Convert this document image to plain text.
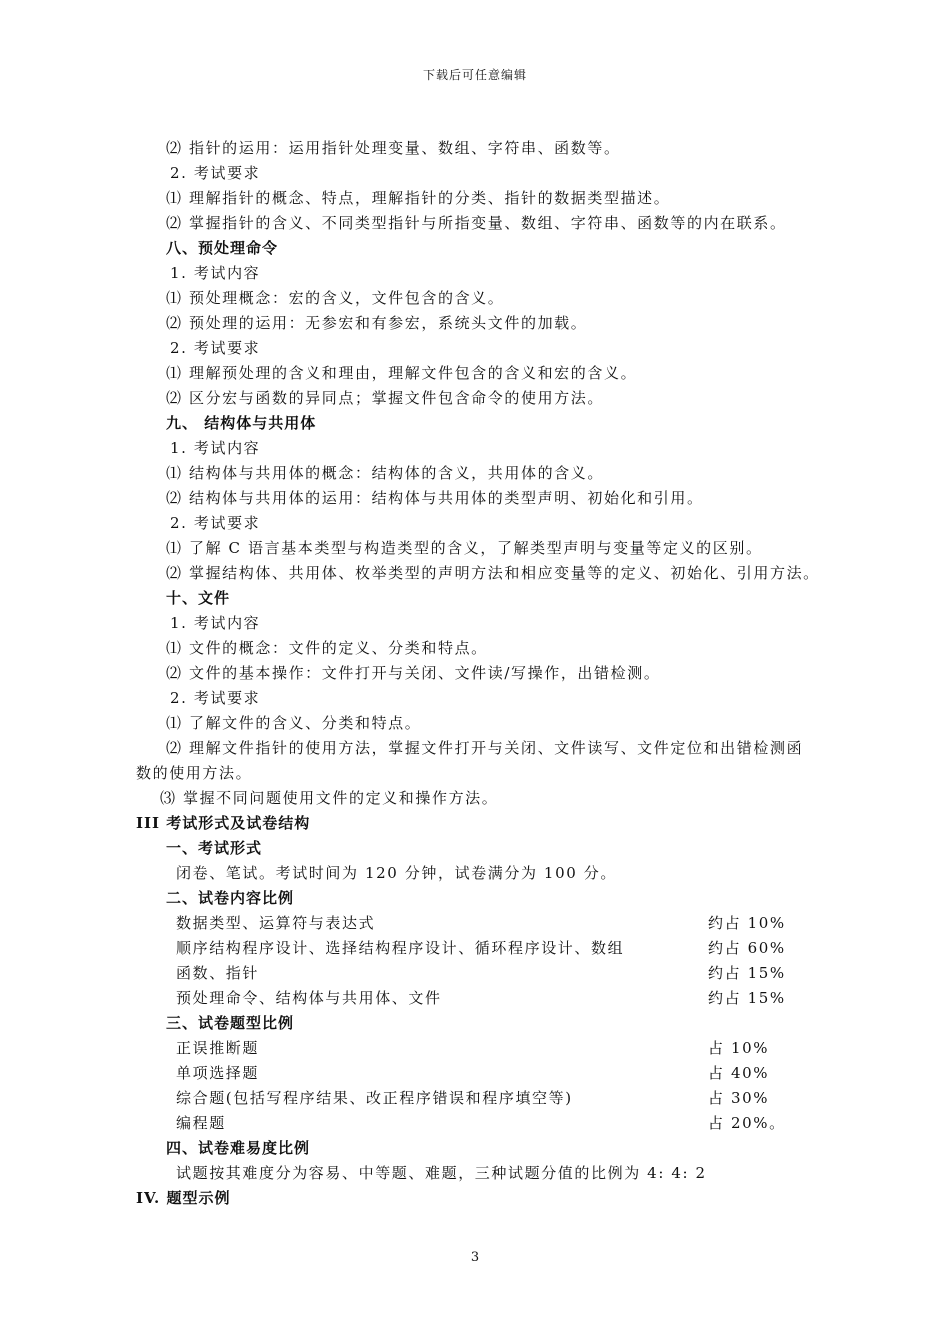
下载后可任意编辑
⑵ 指针的运用：运用指针处理变量、数组、字符串、函数等。
2. 考试要求
⑴ 理解指针的概念、特点，理解指针的分类、指针的数据类型描述。
⑵ 掌握指针的含义、不同类型指针与所指变量、数组、字符串、函数等的内在联系。
八、预处理命令
1. 考试内容
⑴ 预处理概念：宏的含义，文件包含的含义。
⑵ 预处理的运用：无参宏和有参宏，系统头文件的加载。
2. 考试要求
⑴ 理解预处理的含义和理由，理解文件包含的含义和宏的含义。
⑵ 区分宏与函数的异同点；掌握文件包含命令的使用方法。
九、 结构体与共用体
1. 考试内容
⑴ 结构体与共用体的概念：结构体的含义，共用体的含义。
⑵ 结构体与共用体的运用：结构体与共用体的类型声明、初始化和引用。
2. 考试要求
⑴ 了解 C 语言基本类型与构造类型的含义，了解类型声明与变量等定义的区别。
⑵ 掌握结构体、共用体、枚举类型的声明方法和相应变量等的定义、初始化、引用方法。
十、文件
1. 考试内容
⑴ 文件的概念：文件的定义、分类和特点。
⑵ 文件的基本操作：文件打开与关闭、文件读/写操作，出错检测。
2. 考试要求
⑴ 了解文件的含义、分类和特点。
⑵ 理解文件指针的使用方法，掌握文件打开与关闭、文件读写、文件定位和出错检测函
数的使用方法。
⑶ 掌握不同问题使用文件的定义和操作方法。
III 考试形式及试卷结构
一、考试形式
闭卷、笔试。考试时间为 120 分钟，试卷满分为 100 分。
二、试卷内容比例
数据类型、运算符与表达式	约占 10%
顺序结构程序设计、选择结构程序设计、循环程序设计、数组	约占 60%
函数、指针	约占 15%
预处理命令、结构体与共用体、文件	约占 15%
三、试卷题型比例
正误推断题	占 10%
单项选择题	占 40%
综合题(包括写程序结果、改正程序错误和程序填空等)	占 30%
编程题	占 20%。
四、试卷难易度比例
试题按其难度分为容易、中等题、难题，三种试题分值的比例为 4: 4: 2
IV. 题型示例
3
